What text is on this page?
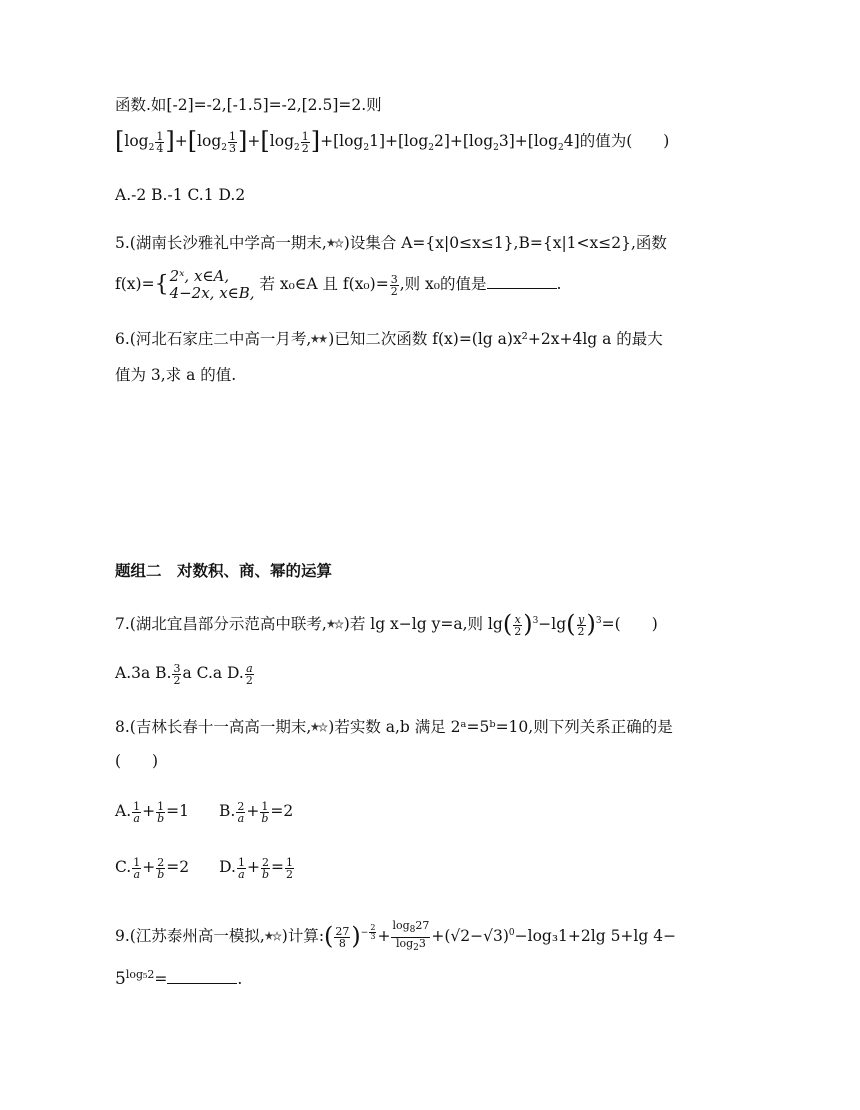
函数.如[-2]=-2,[-1.5]=-2,[2.5]=2.则
$[\log_2 \frac{1}{4} ]+[\log_2 \frac{1}{3} ]+[\log_2 \frac{1}{2} ]+[\log_21]+[\log_22]+[\log_23]+[\log_24]$的值为(　　)
A.-2 B.-1 C.1 D.2
5.(湖南长沙雅礼中学高一期末, )设集合 A={x|0≤x≤1},B={x|1<x≤2},函数
f(x)={ 2ˣ, x∈A,
4−2x, x∈B, 若 x₀∈A 且 $f(x_0)= \frac{3}{2}$ ,则 x₀的值是	.
6.(河北石家庄二中高一月考, )已知二次函数 f(x)=(lg a)x²+2x+4lg a 的最大
值为 3,求 a 的值.
题组二　对数积、商、幂的运算
7.(湖北宜昌部分示范高中联考, )若 lg x−lg y=a,则 $\lg( \frac{x}{2} )^3-\lg( \frac{y}{2} )^3=$(　　)
A.3a B. $\frac{3}{2}$ a C.a D. $\frac{a}{2}$
8.(吉林长春十一高高一期末, )若实数 a,b 满足 2ᵃ=5ᵇ=10,则下列关系正确的是
(　　)
A. $\frac{1}{a} + \frac{1}{b} =1$ B. $\frac{2}{a} + \frac{1}{b} =2$
C. $\frac{1}{a} + \frac{2}{b} =2$ D. $\frac{1}{a} + \frac{2}{b} = \frac{1}{2}$
9.(江苏泰州高一模拟, )计算:( $\frac{27}{8} )^{- \frac{2}{3}} + \frac{\log_827}{\log_23} +(√2-√3)^0-\log_31+2\lg$ 5+lg 4−
$5^{log_52}=$	.
